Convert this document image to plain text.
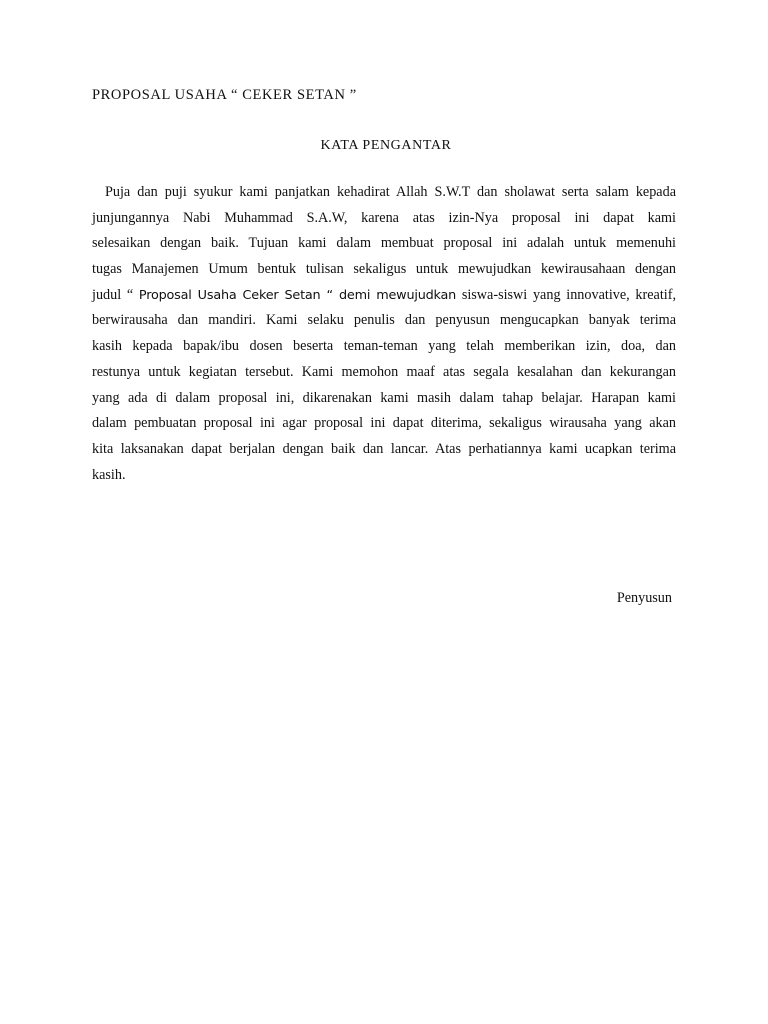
PROPOSAL USAHA “ CEKER SETAN ”
KATA PENGANTAR
Puja dan puji syukur kami panjatkan kehadirat Allah S.W.T dan sholawat serta salam kepada
junjungannya Nabi Muhammad S.A.W, karena atas izin-Nya proposal ini dapat kami
selesaikan dengan baik. Tujuan kami dalam membuat proposal ini adalah untuk memenuhi
tugas Manajemen Umum bentuk tulisan sekaligus untuk mewujudkan kewirausahaan dengan
judul “ Proposal Usaha Ceker Setan “ demi mewujudkan siswa-siswi yang innovative, kreatif,
berwirausaha dan mandiri. Kami selaku penulis dan penyusun mengucapkan banyak terima
kasih kepada bapak/ibu dosen beserta teman-teman yang telah memberikan izin, doa, dan
restunya untuk kegiatan tersebut. Kami memohon maaf atas segala kesalahan dan kekurangan
yang ada di dalam proposal ini, dikarenakan kami masih dalam tahap belajar. Harapan kami
dalam pembuatan proposal ini agar proposal ini dapat diterima, sekaligus wirausaha yang akan
kita laksanakan dapat berjalan dengan baik dan lancar. Atas perhatiannya kami ucapkan terima
kasih.
Penyusun
